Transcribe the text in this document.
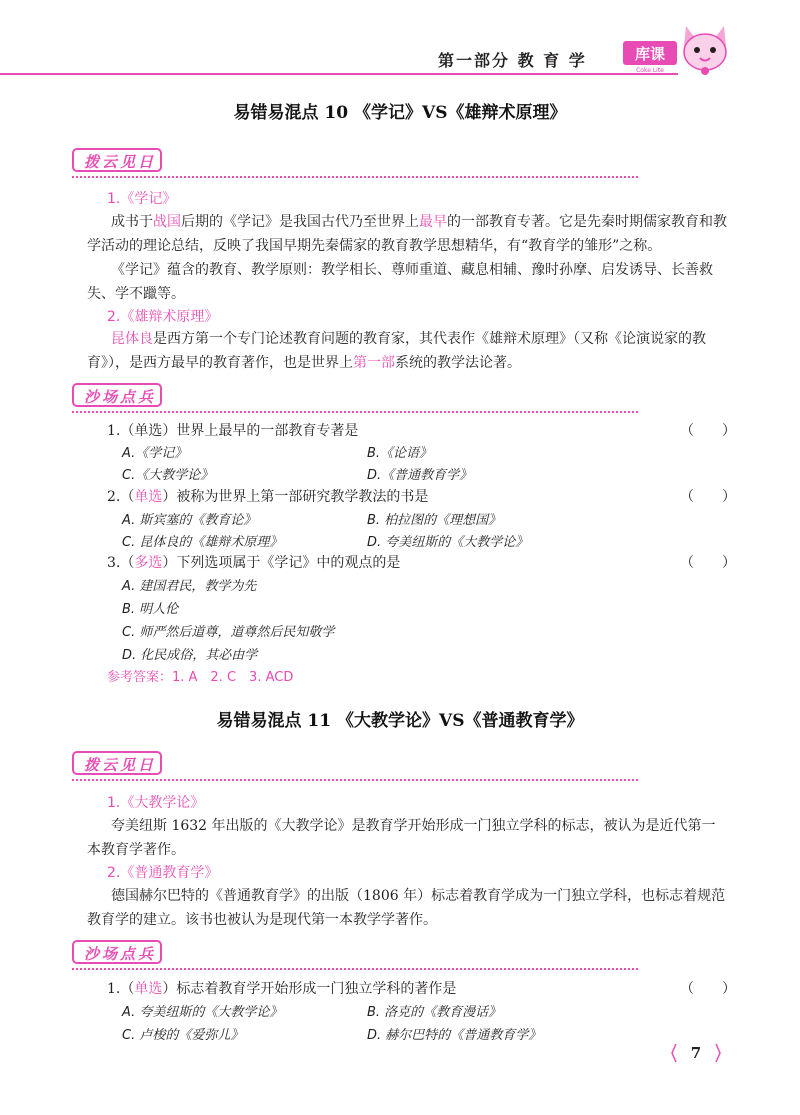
第一部分 教 育 学	库课
Coke Lite
易错易混点 10 《学记》VS《雄辩术原理》
拨云见日
1.《学记》
成书于战国后期的《学记》是我国古代乃至世界上最早的一部教育专著。它是先秦时期儒家教育和教学活动的理论总结，反映了我国早期先秦儒家的教育教学思想精华，有“教育学的雏形”之称。
《学记》蕴含的教育、教学原则：教学相长、尊师重道、藏息相辅、豫时孙摩、启发诱导、长善救失、学不躐等。
2.《雄辩术原理》
昆体良是西方第一个专门论述教育问题的教育家，其代表作《雄辩术原理》（又称《论演说家的教育》），是西方最早的教育著作，也是世界上第一部系统的教学法论著。
沙场点兵
1.（单选）世界上最早的一部教育专著是	（　　）
A.《学记》	B.《论语》
C.《大教学论》	D.《普通教育学》
2.（单选）被称为世界上第一部研究教学教法的书是	（　　）
A. 斯宾塞的《教育论》	B. 柏拉图的《理想国》
C. 昆体良的《雄辩术原理》	D. 夸美纽斯的《大教学论》
3.（多选）下列选项属于《学记》中的观点的是	（　　）
A. 建国君民，教学为先
B. 明人伦
C. 师严然后道尊，道尊然后民知敬学
D. 化民成俗，其必由学
参考答案：1. A　2. C　3. ACD
易错易混点 11 《大教学论》VS《普通教育学》
拨云见日
1.《大教学论》
夸美纽斯 1632 年出版的《大教学论》是教育学开始形成一门独立学科的标志，被认为是近代第一本教育学著作。
2.《普通教育学》
德国赫尔巴特的《普通教育学》的出版（1806 年）标志着教育学成为一门独立学科，也标志着规范教育学的建立。该书也被认为是现代第一本教学学著作。
沙场点兵
1.（单选）标志着教育学开始形成一门独立学科的著作是	（　　）
A. 夸美纽斯的《大教学论》	B. 洛克的《教育漫话》
C. 卢梭的《爱弥儿》	D. 赫尔巴特的《普通教育学》
7
